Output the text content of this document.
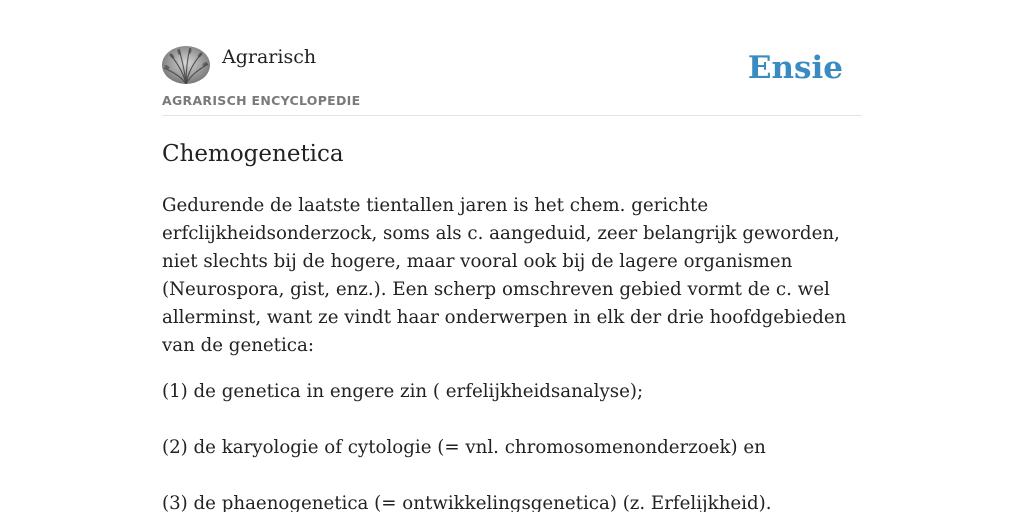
Agrarisch
AGRARISCH ENCYCLOPEDIE
Ensie
Chemogenetica

Gedurende de laatste tientallen jaren is het chem. gerichte erfclijkheidsonderzock, soms als c. aangeduid, zeer belangrijk geworden, niet slechts bij de hogere, maar vooral ook bij de lagere organismen (Neurospora, gist, enz.). Een scherp omschreven gebied vormt de c. wel allerminst, want ze vindt haar onderwerpen in elk der drie hoofdgebieden van de genetica:

(1) de genetica in engere zin ( erfelijkheidsanalyse);

(2) de karyologie of cytologie (= vnl. chromosomenonderzoek) en

(3) de phaenogenetica (= ontwikkelingsgenetica) (z. Erfelijkheid).
